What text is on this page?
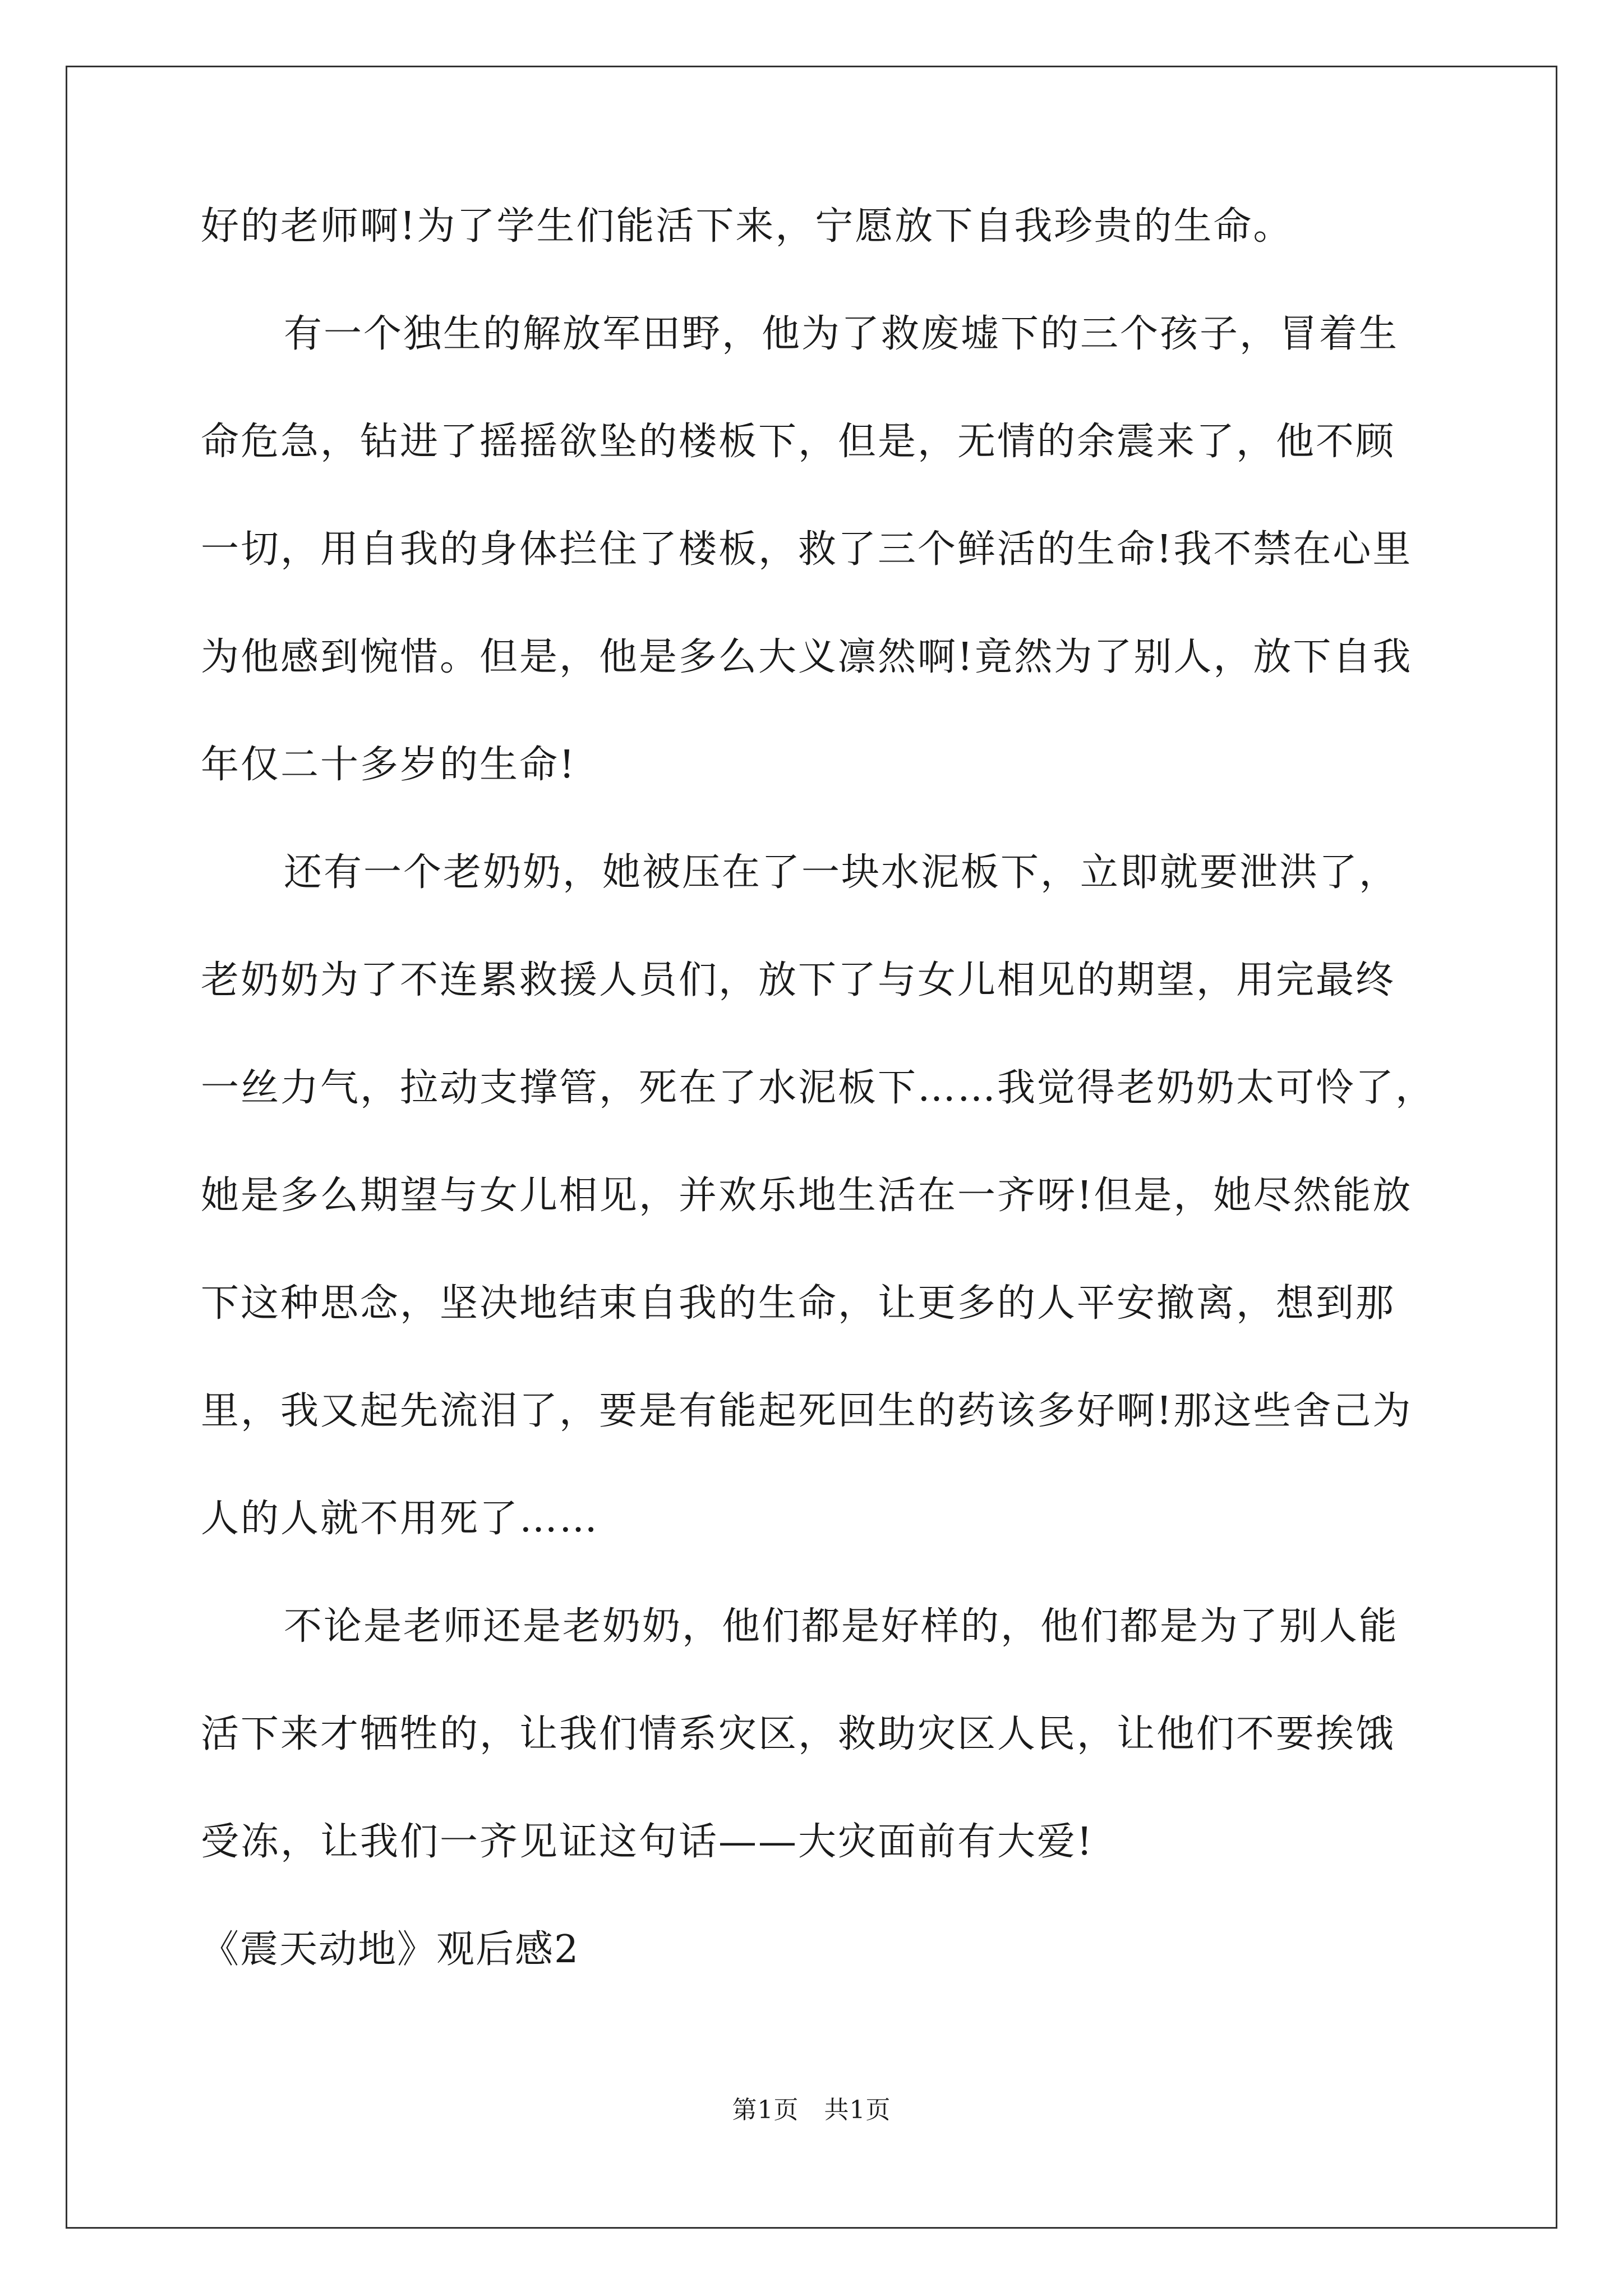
好的老师啊!为了学生们能活下来，宁愿放下自我珍贵的生命。
有一个独生的解放军田野，他为了救废墟下的三个孩子，冒着生
命危急，钻进了摇摇欲坠的楼板下，但是，无情的余震来了，他不顾
一切，用自我的身体拦住了楼板，救了三个鲜活的生命!我不禁在心里
为他感到惋惜。但是，他是多么大义凛然啊!竟然为了别人，放下自我
年仅二十多岁的生命!
还有一个老奶奶，她被压在了一块水泥板下，立即就要泄洪了，
老奶奶为了不连累救援人员们，放下了与女儿相见的期望，用完最终
一丝力气，拉动支撑管，死在了水泥板下……我觉得老奶奶太可怜了，
她是多么期望与女儿相见，并欢乐地生活在一齐呀!但是，她尽然能放
下这种思念，坚决地结束自我的生命，让更多的人平安撤离，想到那
里，我又起先流泪了，要是有能起死回生的药该多好啊!那这些舍己为
人的人就不用死了……
不论是老师还是老奶奶，他们都是好样的，他们都是为了别人能
活下来才牺牲的，让我们情系灾区，救助灾区人民，让他们不要挨饿
受冻，让我们一齐见证这句话——大灾面前有大爱!
《震天动地》观后感2
第1页　共1页
